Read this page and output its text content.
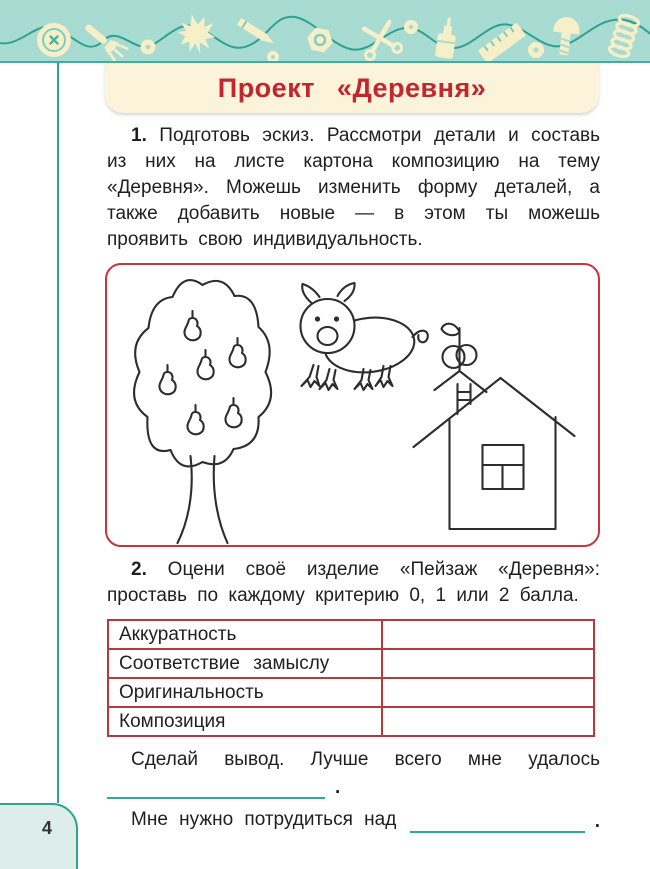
Проект «Деревня»

1. Подготовь эскиз. Рассмотри детали и составь из них на листе картона композицию на тему «Деревня». Можешь изменить форму деталей, а также добавить новые — в этом ты можешь проявить свою индивидуальность.

2. Оцени своё изделие «Пейзаж «Деревня»: проставь по каждому критерию 0, 1 или 2 балла.

Аккуратность	
Соответствие замыслу	
Оригинальность	
Композиция	
Сделай вывод. Лучше всего мне удалось
.
Мне нужно потрудиться над	.
4
